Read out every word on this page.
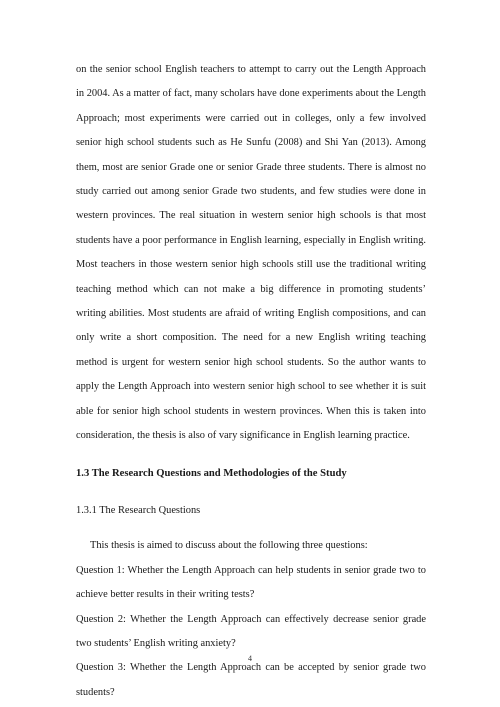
on the senior school English teachers to attempt to carry out the Length Approach in 2004. As a matter of fact, many scholars have done experiments about the Length Approach; most experiments were carried out in colleges, only a few involved senior high school students such as He Sunfu (2008) and Shi Yan (2013). Among them, most are senior Grade one or senior Grade three students. There is almost no study carried out among senior Grade two students, and few studies were done in western provinces. The real situation in western senior high schools is that most students have a poor performance in English learning, especially in English writing. Most teachers in those western senior high schools still use the traditional writing teaching method which can not make a big difference in promoting students’ writing abilities. Most students are afraid of writing English compositions, and can only write a short composition. The need for a new English writing teaching method is urgent for western senior high school students. So the author wants to apply the Length Approach into western senior high school to see whether it is suit able for senior high school students in western provinces. When this is taken into consideration, the thesis is also of vary significance in English learning practice.

1.3 The Research Questions and Methodologies of the Study

1.3.1 The Research Questions

This thesis is aimed to discuss about the following three questions:

Question 1: Whether the Length Approach can help students in senior grade two to achieve better results in their writing tests?

Question 2: Whether the Length Approach can effectively decrease senior grade two students’ English writing anxiety?

Question 3: Whether the Length Approach can be accepted by senior grade two students?

4
